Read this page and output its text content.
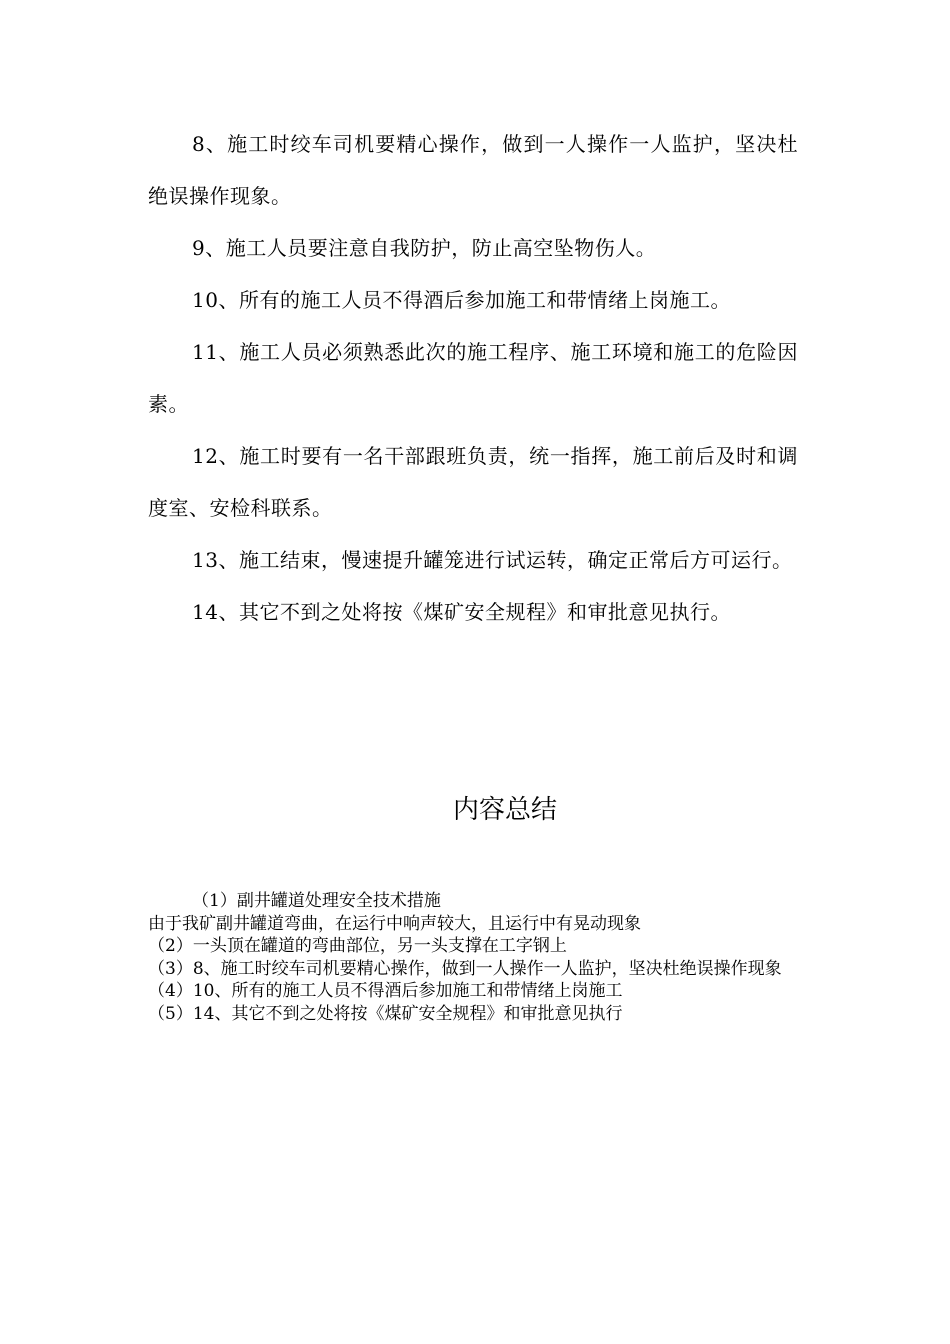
8、施工时绞车司机要精心操作，做到一人操作一人监护，坚决杜绝误操作现象。

9、施工人员要注意自我防护，防止高空坠物伤人。

10、所有的施工人员不得酒后参加施工和带情绪上岗施工。

11、施工人员必须熟悉此次的施工程序、施工环境和施工的危险因素。

12、施工时要有一名干部跟班负责，统一指挥，施工前后及时和调度室、安检科联系。

13、施工结束，慢速提升罐笼进行试运转，确定正常后方可运行。

14、其它不到之处将按《煤矿安全规程》和审批意见执行。

内容总结

（1）副井罐道处理安全技术措施

由于我矿副井罐道弯曲，在运行中响声较大，且运行中有晃动现象

（2）一头顶在罐道的弯曲部位，另一头支撑在工字钢上

（3）8、施工时绞车司机要精心操作，做到一人操作一人监护，坚决杜绝误操作现象

（4）10、所有的施工人员不得酒后参加施工和带情绪上岗施工

（5）14、其它不到之处将按《煤矿安全规程》和审批意见执行
